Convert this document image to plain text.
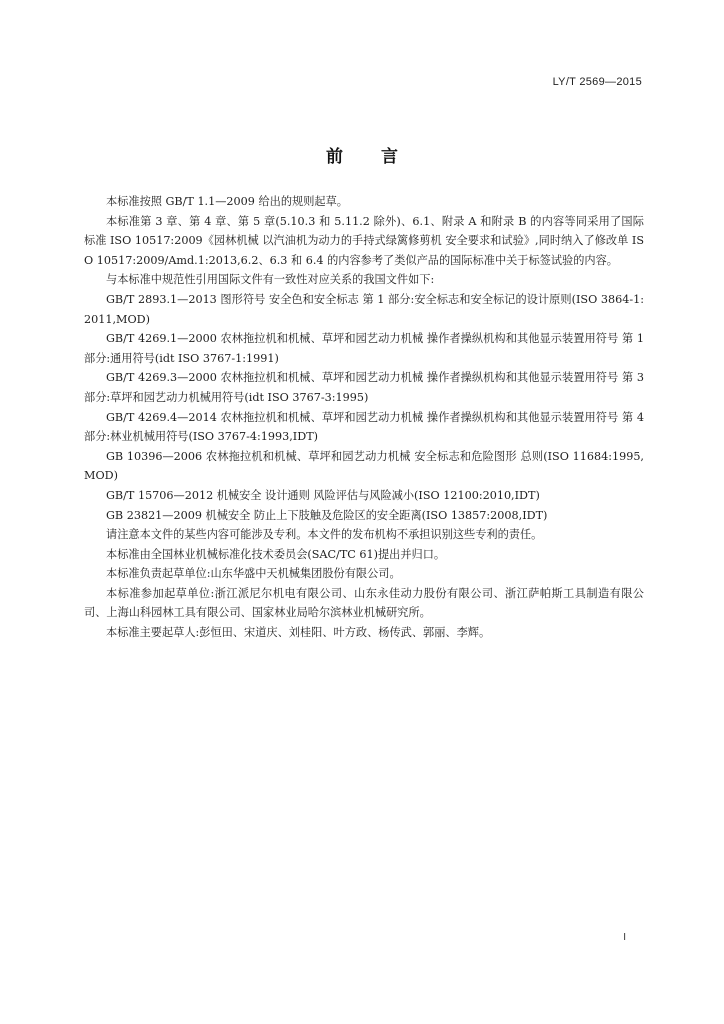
LY/T 2569—2015
前言

本标准按照 GB/T 1.1—2009 给出的规则起草。

本标准第 3 章、第 4 章、第 5 章(5.10.3 和 5.11.2 除外)、6.1、附录 A 和附录 B 的内容等同采用了国际标准 ISO 10517:2009《园林机械 以汽油机为动力的手持式绿篱修剪机 安全要求和试验》,同时纳入了修改单 ISO 10517:2009/Amd.1:2013,6.2、6.3 和 6.4 的内容参考了类似产品的国际标准中关于标签试验的内容。

与本标准中规范性引用国际文件有一致性对应关系的我国文件如下:

GB/T 2893.1—2013 图形符号 安全色和安全标志 第 1 部分:安全标志和安全标记的设计原则(ISO 3864-1:2011,MOD)

GB/T 4269.1—2000 农林拖拉机和机械、草坪和园艺动力机械 操作者操纵机构和其他显示装置用符号 第 1 部分:通用符号(idt ISO 3767-1:1991)

GB/T 4269.3—2000 农林拖拉机和机械、草坪和园艺动力机械 操作者操纵机构和其他显示装置用符号 第 3 部分:草坪和园艺动力机械用符号(idt ISO 3767-3:1995)

GB/T 4269.4—2014 农林拖拉机和机械、草坪和园艺动力机械 操作者操纵机构和其他显示装置用符号 第 4 部分:林业机械用符号(ISO 3767-4:1993,IDT)

GB 10396—2006 农林拖拉机和机械、草坪和园艺动力机械 安全标志和危险图形 总则(ISO 11684:1995,MOD)

GB/T 15706—2012 机械安全 设计通则 风险评估与风险减小(ISO 12100:2010,IDT)

GB 23821—2009 机械安全 防止上下肢触及危险区的安全距离(ISO 13857:2008,IDT)

请注意本文件的某些内容可能涉及专利。本文件的发布机构不承担识别这些专利的责任。

本标准由全国林业机械标准化技术委员会(SAC/TC 61)提出并归口。

本标准负责起草单位:山东华盛中天机械集团股份有限公司。

本标准参加起草单位:浙江派尼尔机电有限公司、山东永佳动力股份有限公司、浙江萨帕斯工具制造有限公司、上海山科园林工具有限公司、国家林业局哈尔滨林业机械研究所。

本标准主要起草人:彭恒田、宋道庆、刘桂阳、叶方政、杨传武、郭丽、李辉。

I
